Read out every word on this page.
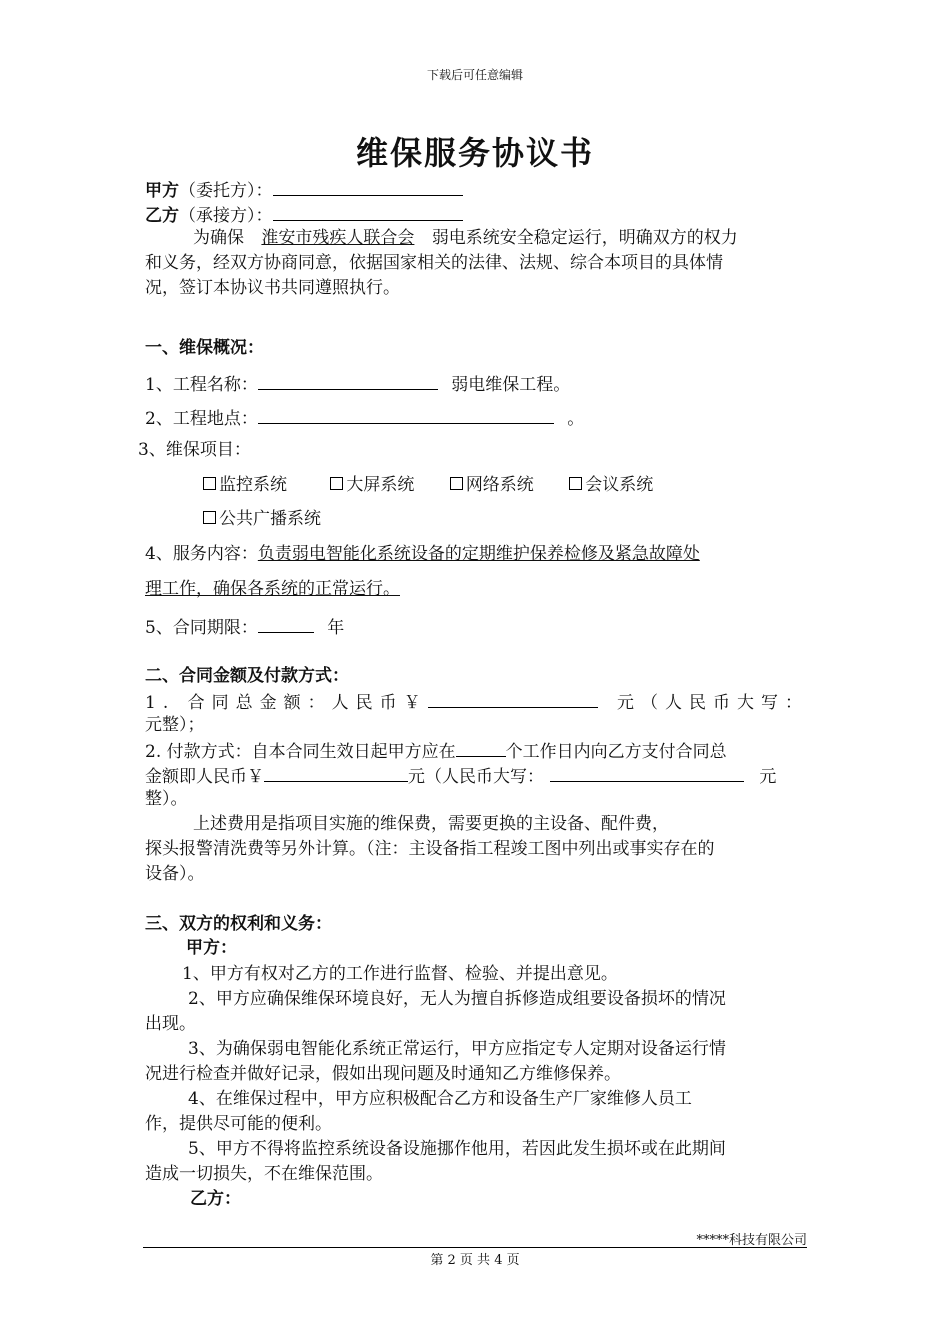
下载后可任意编辑
维保服务协议书
甲方（委托方）：
乙方（承接方）：
为确保 淮安市残疾人联合会 弱电系统安全稳定运行，明确双方的权力
和义务，经双方协商同意，依据国家相关的法律、法规、综合本项目的具体情
况，签订本协议书共同遵照执行。
一、维保概况：
1、工程名称：	弱电维保工程。
2、工程地点：	。
3、维保项目：
监控系统	大屏系统	网络系统	会议系统
公共广播系统
4、服务内容：负责弱电智能化系统设备的定期维护保养检修及紧急故障处
理工作，确保各系统的正常运行。
5、合同期限：	年
二、合同金额及付款方式：
1. 合同总金额：人民币￥	元（人民币大写：
元整）；
2. 付款方式：自本合同生效日起甲方应在	个工作日内向乙方支付合同总
金额即人民币￥	元（人民币大写：	元
整）。
上述费用是指项目实施的维保费，需要更换的主设备、配件费，
探头报警清洗费等另外计算。（注：主设备指工程竣工图中列出或事实存在的
设备）。
三、双方的权利和义务：
甲方：
1、甲方有权对乙方的工作进行监督、检验、并提出意见。
2、甲方应确保维保环境良好，无人为擅自拆修造成组要设备损坏的情况
出现。
3、为确保弱电智能化系统正常运行，甲方应指定专人定期对设备运行情
况进行检查并做好记录，假如出现问题及时通知乙方维修保养。
4、在维保过程中，甲方应积极配合乙方和设备生产厂家维修人员工
作，提供尽可能的便利。
5、甲方不得将监控系统设备设施挪作他用，若因此发生损坏或在此期间
造成一切损失，不在维保范围。
乙方：
*****科技有限公司
第 2 页 共 4 页
